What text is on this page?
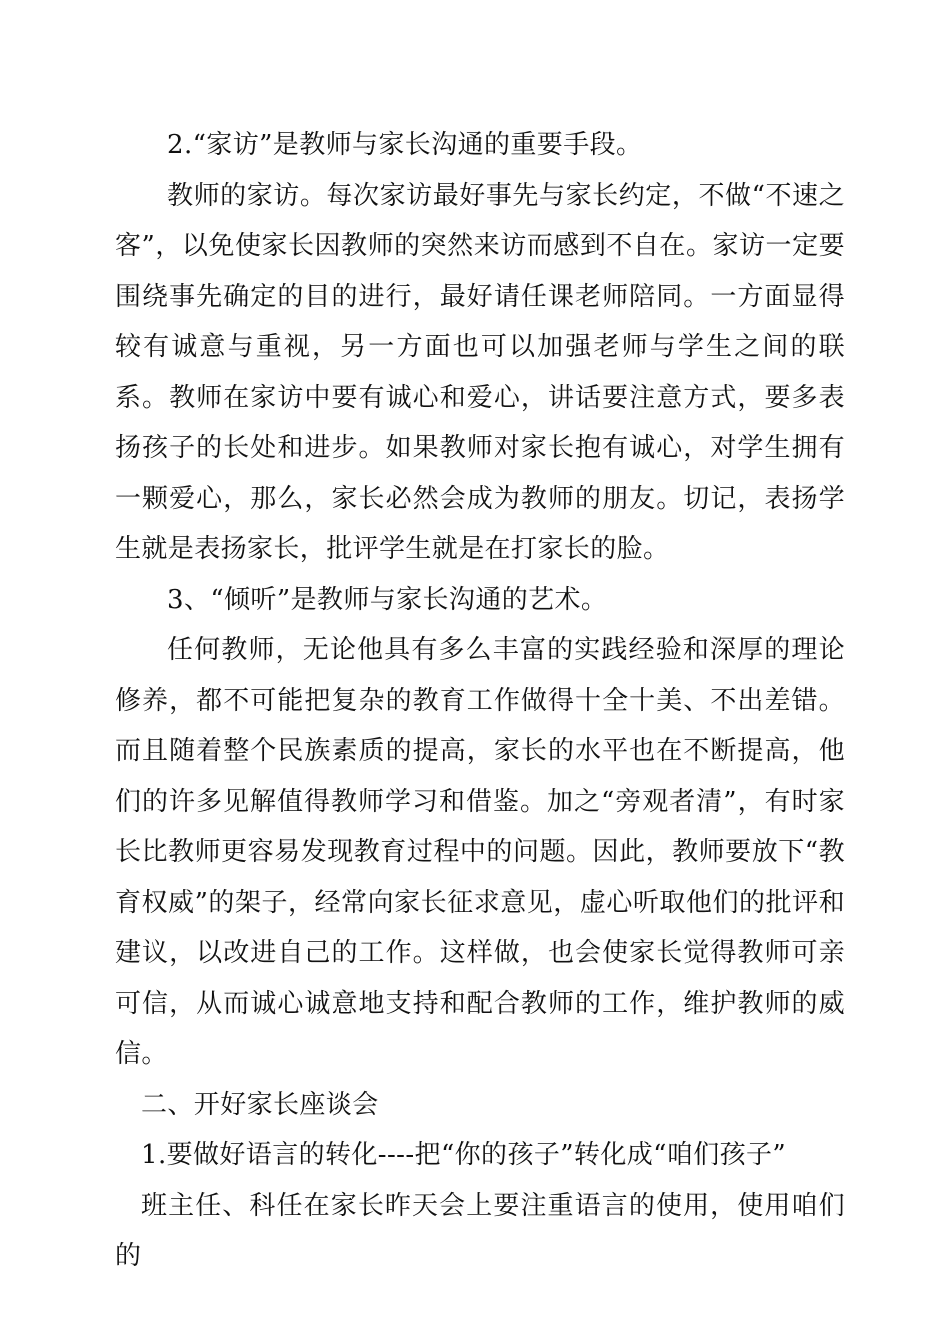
2.“家访”是教师与家长沟通的重要手段。

教师的家访。每次家访最好事先与家长约定，不做“不速之客”，以免使家长因教师的突然来访而感到不自在。家访一定要围绕事先确定的目的进行，最好请任课老师陪同。一方面显得较有诚意与重视，另一方面也可以加强老师与学生之间的联系。教师在家访中要有诚心和爱心，讲话要注意方式，要多表扬孩子的长处和进步。如果教师对家长抱有诚心，对学生拥有一颗爱心，那么，家长必然会成为教师的朋友。切记，表扬学生就是表扬家长，批评学生就是在打家长的脸。

3、“倾听”是教师与家长沟通的艺术。

任何教师，无论他具有多么丰富的实践经验和深厚的理论修养，都不可能把复杂的教育工作做得十全十美、不出差错。而且随着整个民族素质的提高，家长的水平也在不断提高，他们的许多见解值得教师学习和借鉴。加之“旁观者清”，有时家长比教师更容易发现教育过程中的问题。因此，教师要放下“教育权威”的架子，经常向家长征求意见，虚心听取他们的批评和建议，以改进自己的工作。这样做，也会使家长觉得教师可亲可信，从而诚心诚意地支持和配合教师的工作，维护教师的威信。

二、开好家长座谈会

1.要做好语言的转化----把“你的孩子”转化成“咱们孩子”

班主任、科任在家长昨天会上要注重语言的使用，使用咱们的
